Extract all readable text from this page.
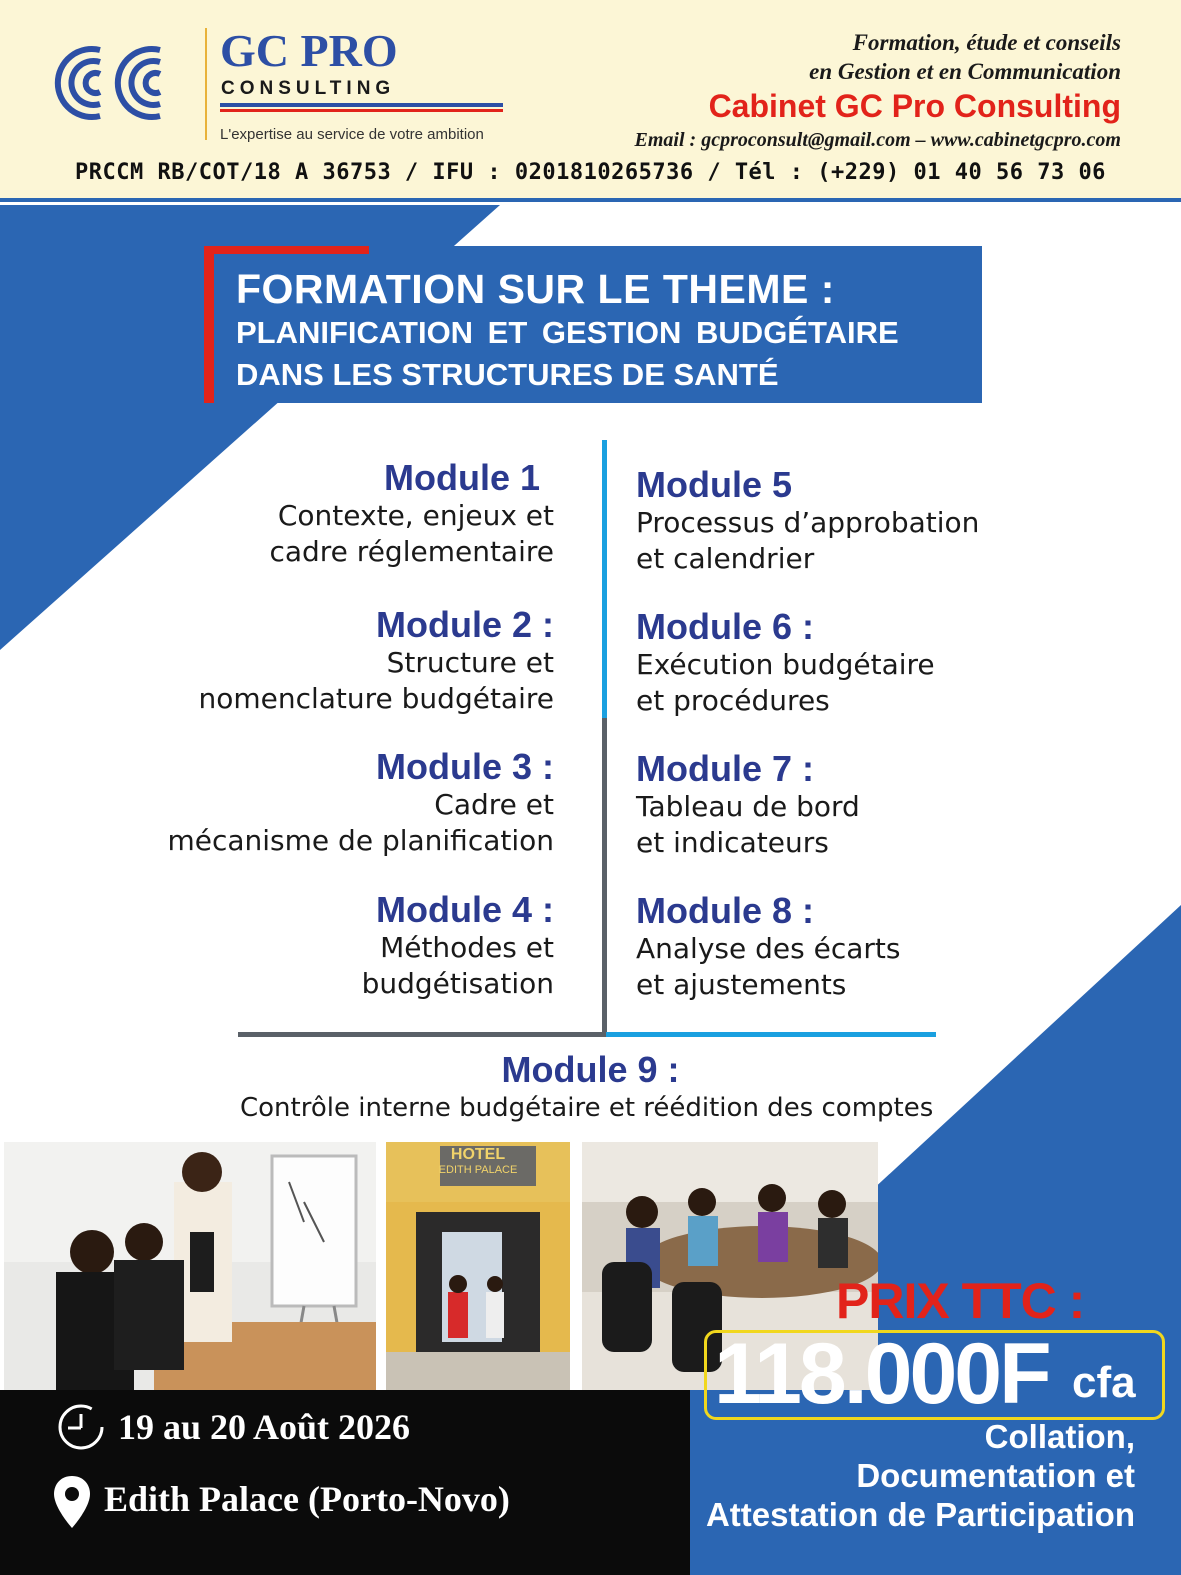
GC PRO
CONSULTING
L'expertise au service de votre ambition
Formation, étude et conseils
en Gestion et en Communication
Cabinet GC Pro Consulting
Email : gcproconsult@gmail.com – www.cabinetgcpro.com
PRCCM RB/COT/18 A 36753 / IFU : 0201810265736 / Tél : (+229) 01 40 56 73 06
FORMATION SUR LE THEME :
PLANIFICATION ET GESTION BUDGÉTAIRE
DANS LES STRUCTURES DE SANTÉ
Module 1
Contexte, enjeux et
cadre réglementaire
Module 2 :
Structure et
nomenclature budgétaire
Module 3 :
Cadre et
mécanisme de planification
Module 4 :
Méthodes et
budgétisation
Module 5
Processus d’approbation
et calendrier
Module 6 :
Exécution budgétaire
et procédures
Module 7 :
Tableau de bord
et indicateurs
Module 8 :
Analyse des écarts
et ajustements
Module 9 :
Contrôle interne budgétaire et réédition des comptes
HOTEL
EDITH PALACE
19 au 20 Août 2026
Edith Palace (Porto-Novo)
PRIX TTC :
118.000F cfa
Collation,
Documentation et
Attestation de Participation
